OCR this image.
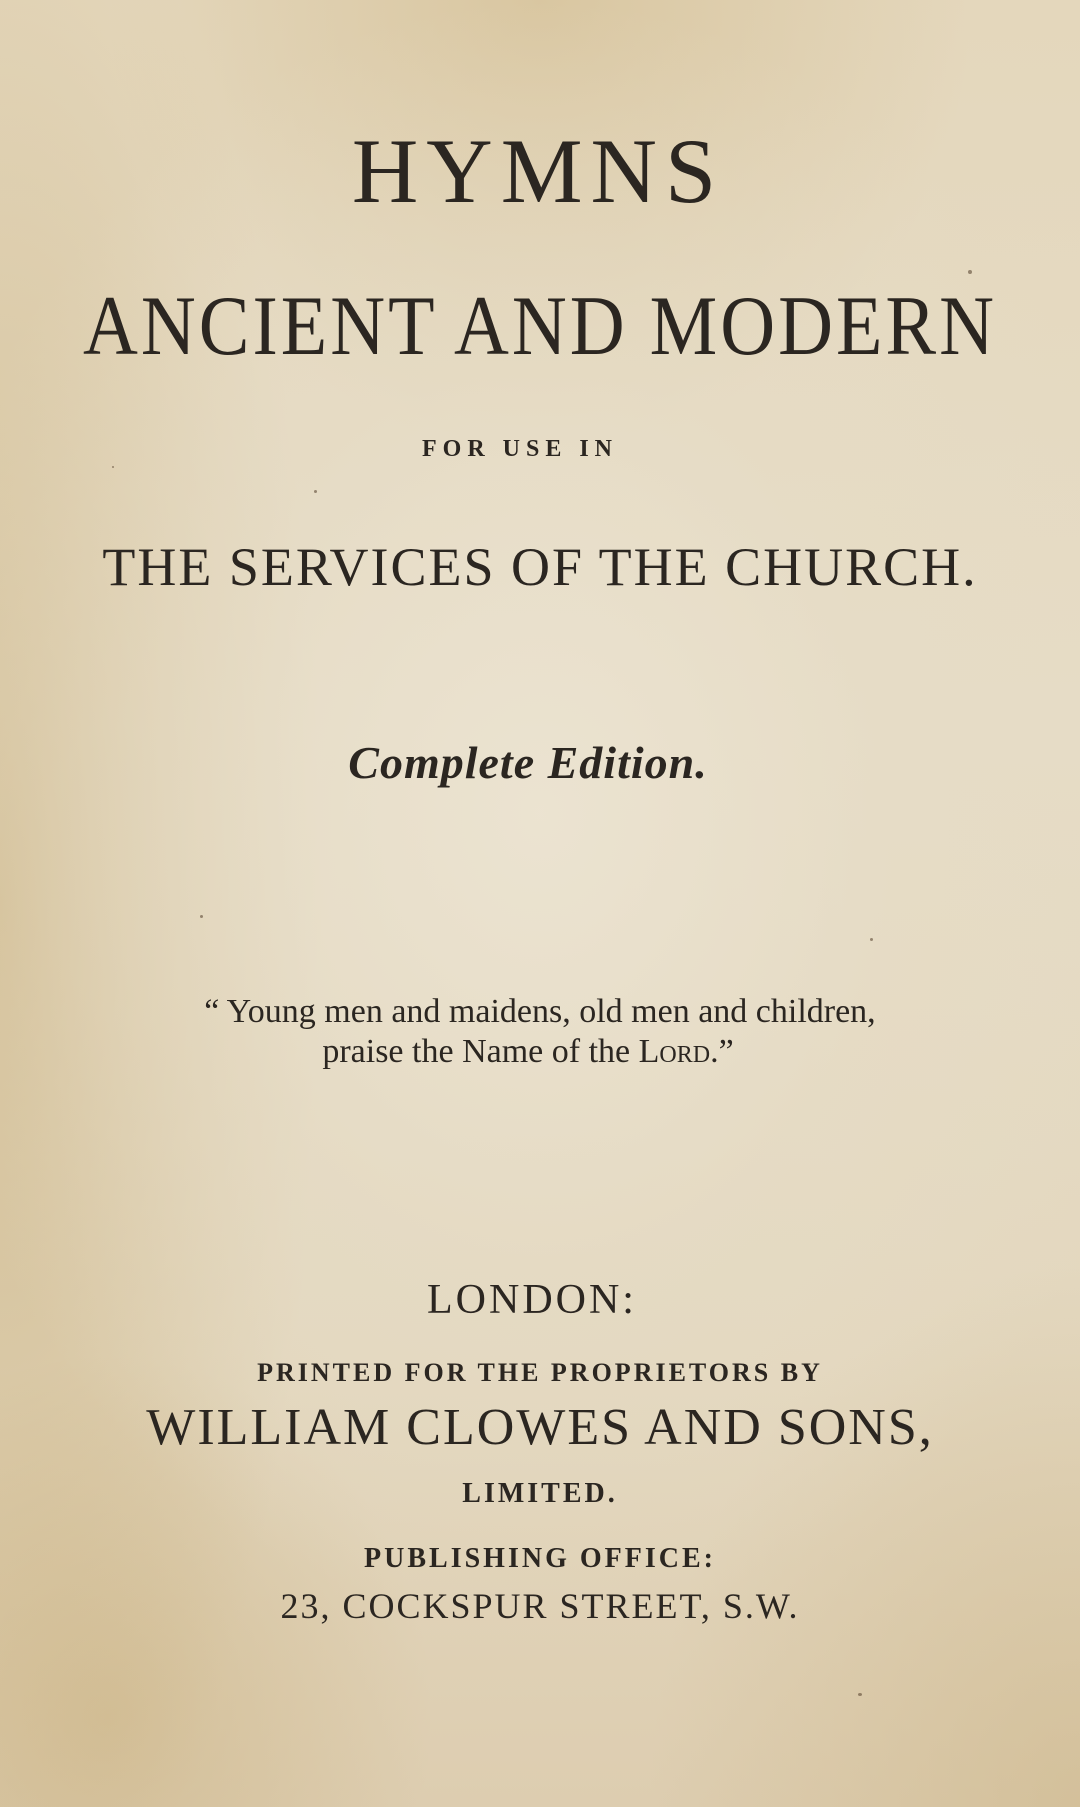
HYMNS
ANCIENT AND MODERN
FOR USE IN
THE SERVICES OF THE CHURCH.
Complete Edition.
“ Young men and maidens, old men and children,
praise the Name of the Lord.”
LONDON:
PRINTED FOR THE PROPRIETORS BY
WILLIAM CLOWES AND SONS,
LIMITED.
PUBLISHING OFFICE:
23, COCKSPUR STREET, S.W.
